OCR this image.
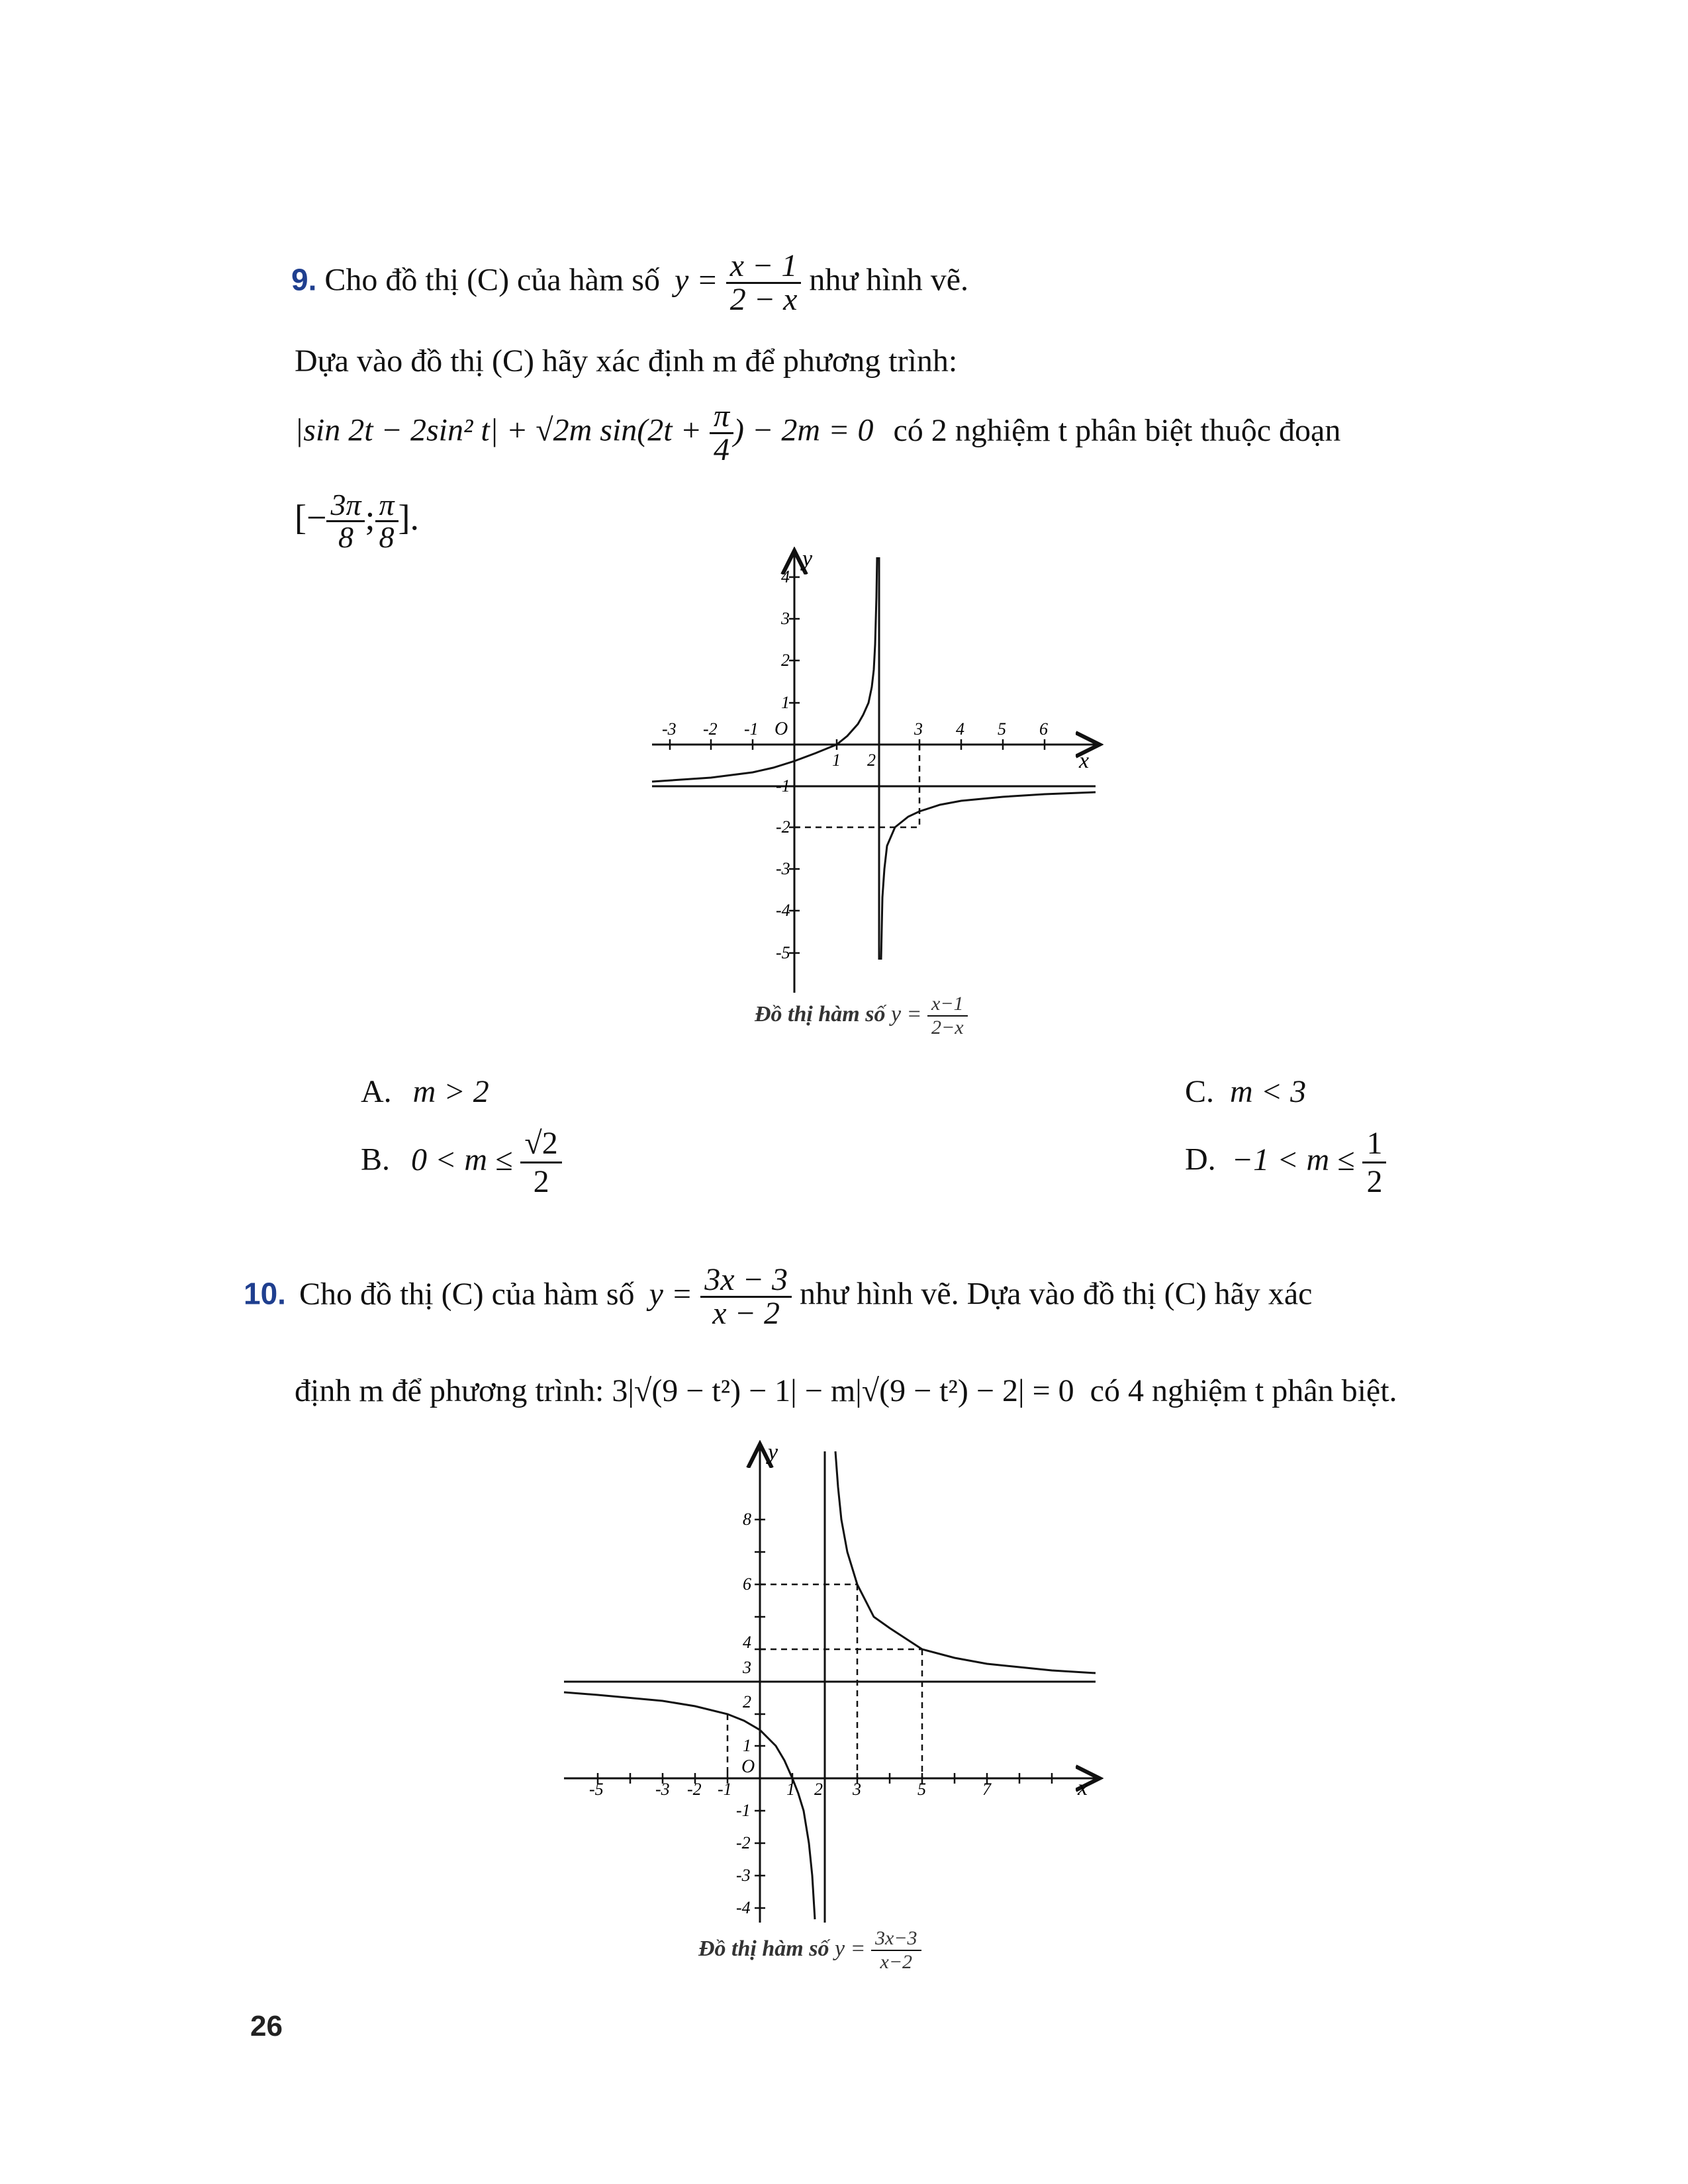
9. Cho đồ thị (C) của hàm số $y = \frac{x - 1}{2 - x}$ như hình vẽ.
Dựa vào đồ thị (C) hãy xác định m để phương trình:
|sin 2t − 2sin² t| + √2m $\sin(2t + \frac{\pi}{4}$ ) − 2m = 0 có 2 nghiệm t phân biệt thuộc đoạn
[− $\frac{3\pi}{8}$ ; $\frac{\pi}{8}$ ].
y
x
O
-3 -2 -1	3 4 5 6
1 2
4
3
2
1
-1
-2
-3
-4
-5
Đồ thị hàm số $y = \frac{x-1}{2-x}$
A. m > 2	C. m < 3
B. $0 < m \le \frac{√2}{2}$	D. $-1 < m \le \frac{1}{2}$
10. Cho đồ thị (C) của hàm số $y = \frac{3x - 3}{x - 2}$ như hình vẽ. Dựa vào đồ thị (C) hãy xác
định m để phương trình: 3|√(9 − t²) − 1| − m|√(9 − t²) − 2| = 0 có 4 nghiệm t phân biệt.
y
x
O
-5	-3 -2 -1	1 2 3	5	7
8
6
4
3
2
1
-1
-2
-3
-4
Đồ thị hàm số $y = \frac{3x-3}{x-2}$
26
